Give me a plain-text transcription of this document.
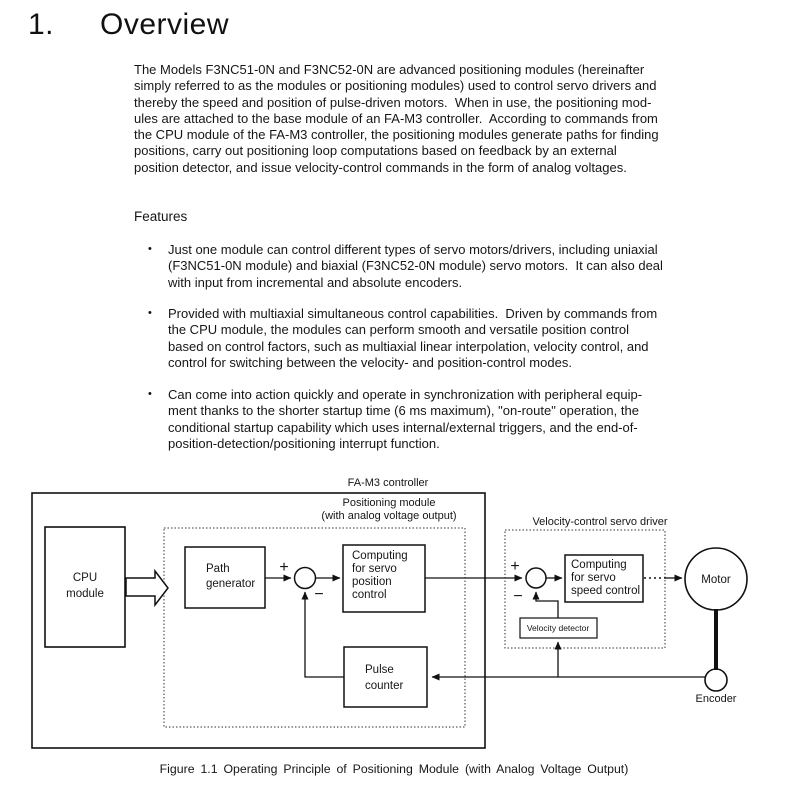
1. Overview
The Models F3NC51-0N and F3NC52-0N are advanced positioning modules (hereinafter
simply referred to as the modules or positioning modules) used to control servo drivers and
thereby the speed and position of pulse-driven motors.  When in use, the positioning mod-
ules are attached to the base module of an FA-M3 controller.  According to commands from
the CPU module of the FA-M3 controller, the positioning modules generate paths for finding
positions, carry out positioning loop computations based on feedback by an external
position detector, and issue velocity-control commands in the form of analog voltages.
Features
• Just one module can control different types of servo motors/drivers, including uniaxial
(F3NC51-0N module) and biaxial (F3NC52-0N module) servo motors.  It can also deal
with input from incremental and absolute encoders.
• Provided with multiaxial simultaneous control capabilities.  Driven by commands from
the CPU module, the modules can perform smooth and versatile position control
based on control factors, such as multiaxial linear interpolation, velocity control, and
control for switching between the velocity- and position-control modes.
• Can come into action quickly and operate in synchronization with peripheral equip-
ment thanks to the shorter startup time (6 ms maximum), "on-route" operation, the
conditional startup capability which uses internal/external triggers, and the end-of-
position-detection/positioning interrupt function.
FA-M3 controller
Positioning module
(with analog voltage output)	Velocity-control servo driver
CPU
module
Path
generator
+
−
Computing
for servo
position
control
Pulse
counter
+
−
Computing
for servo
speed control
Velocity detector
Motor
Encoder
Figure 1.1 Operating Principle of Positioning Module (with Analog Voltage Output)
